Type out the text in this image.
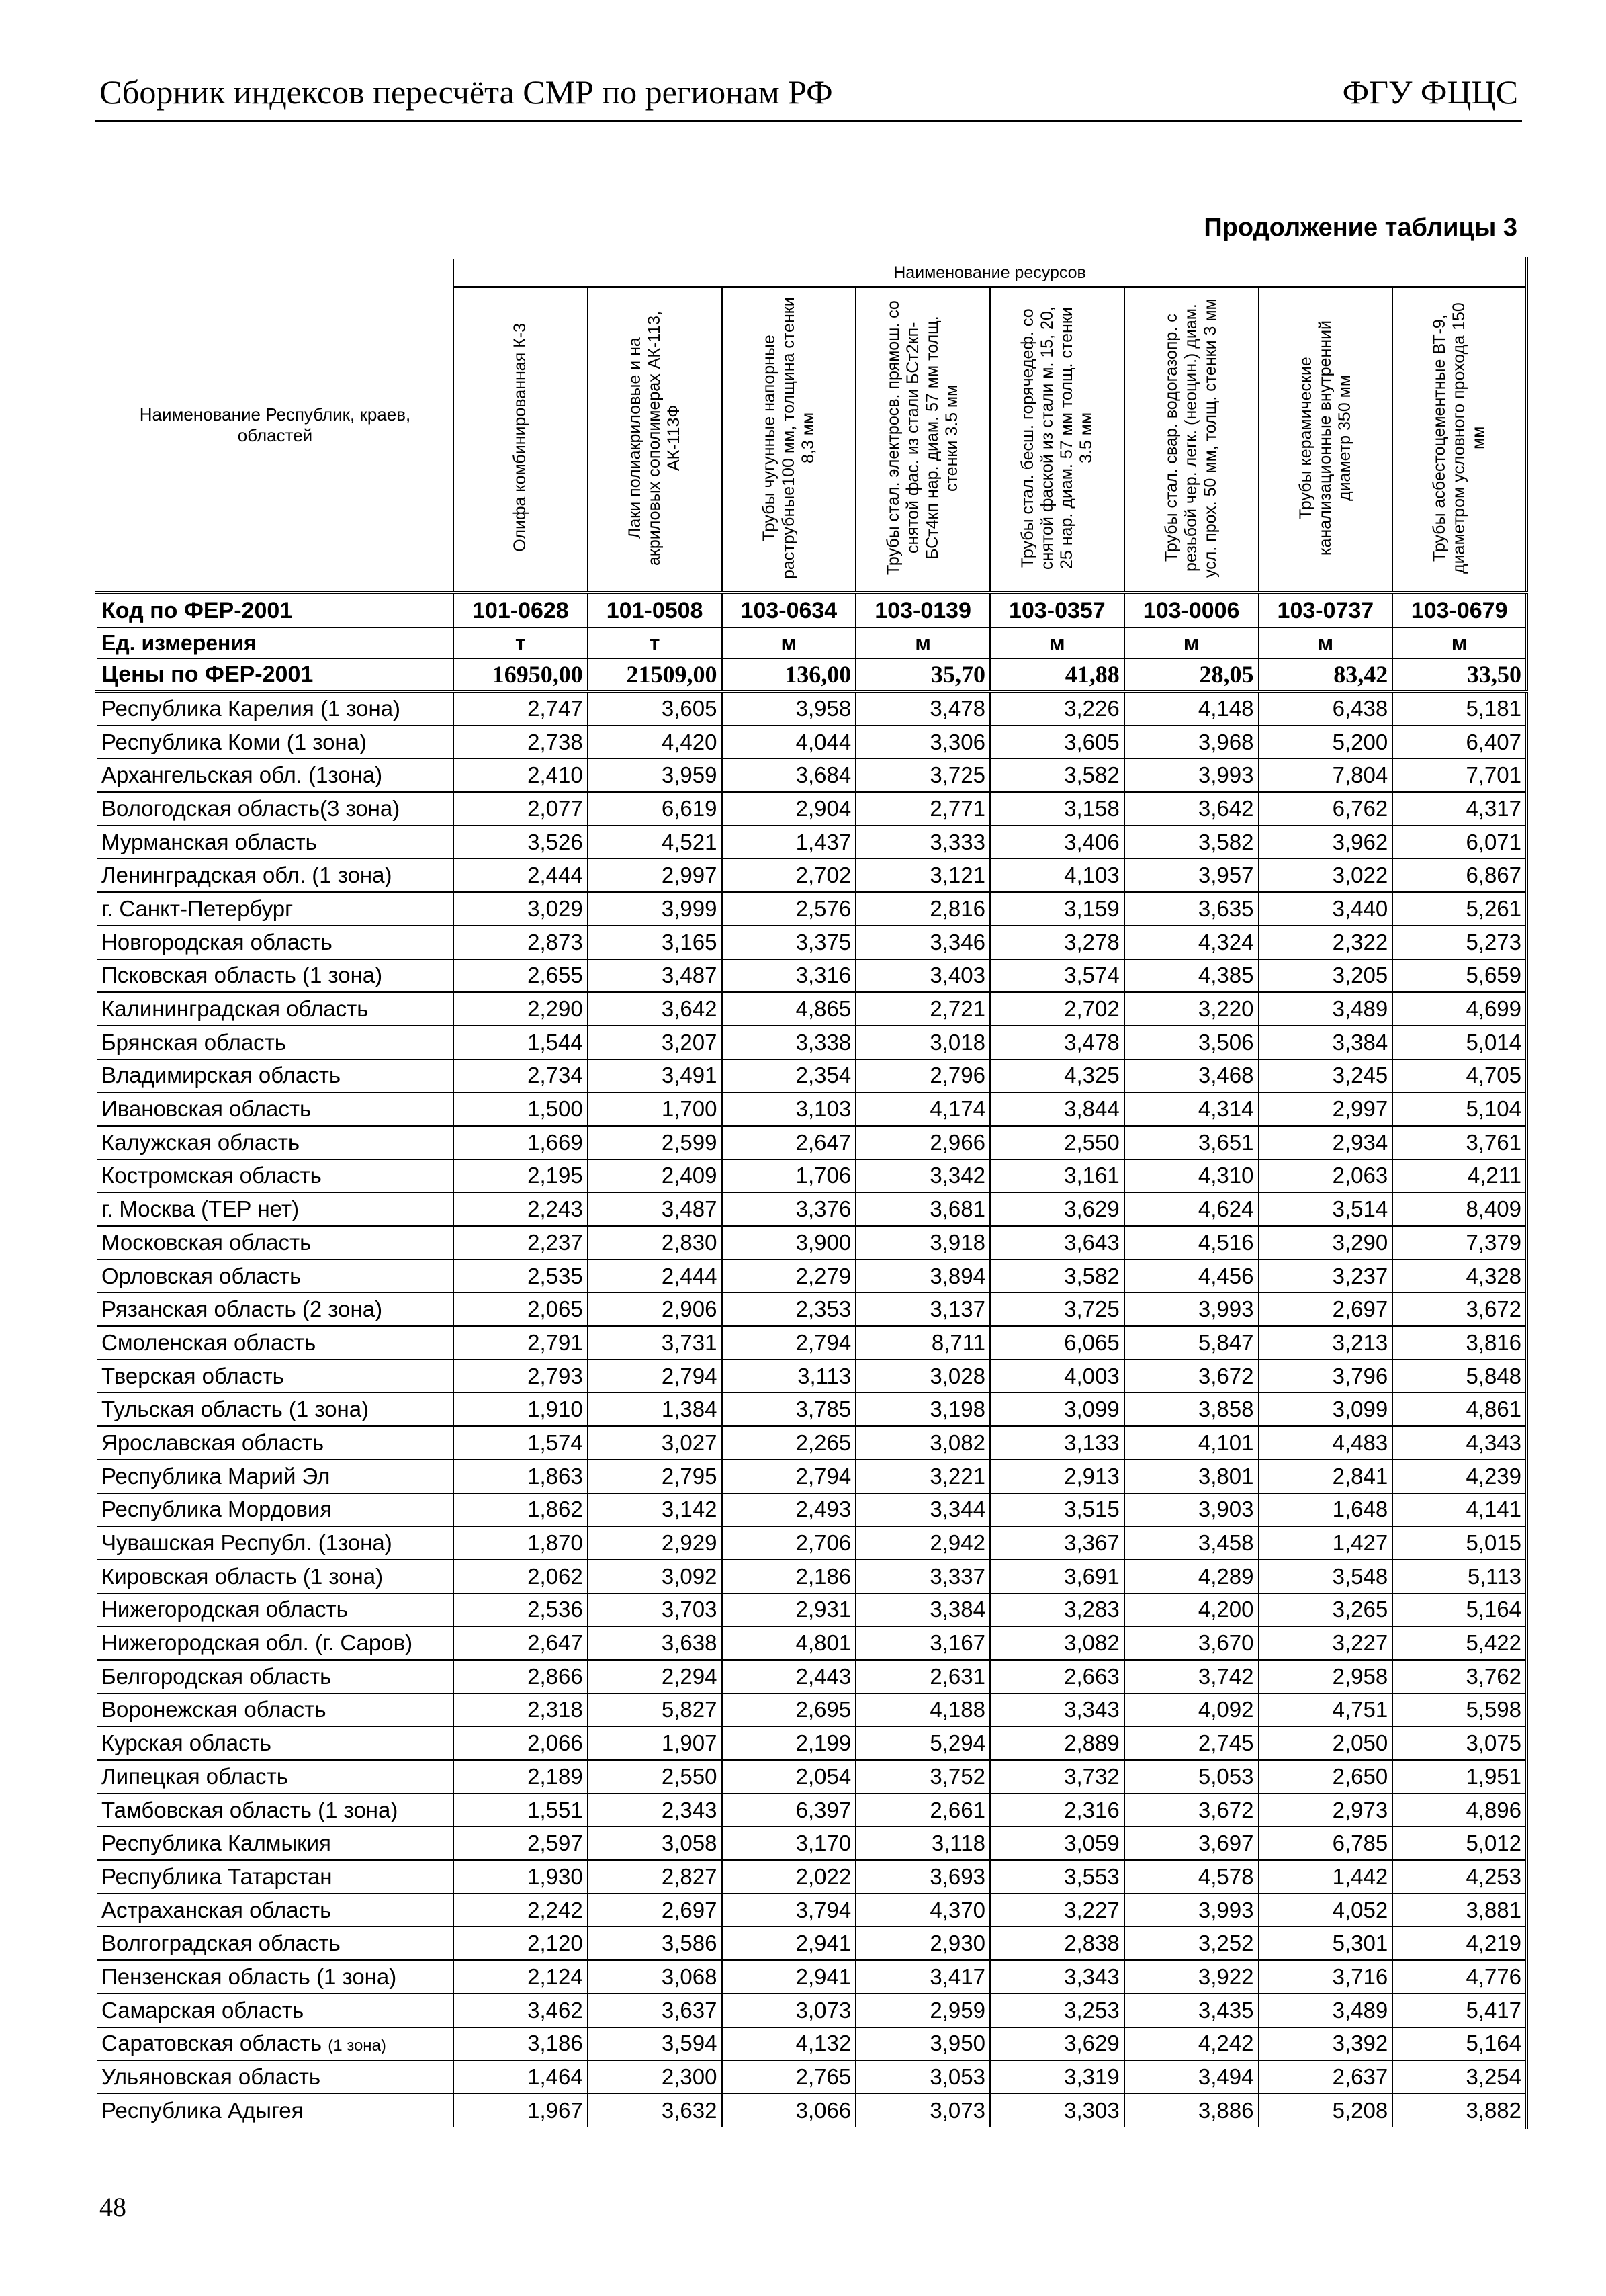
Сборник индексов пересчёта СМР по регионам РФ	ФГУ ФЦЦС
Продолжение таблицы 3
Наименование Республик, краев, областей	Наименование ресурсов							
	Олифа комбинированная К-3	Лаки полиакриловые и на акриловых сополимерах АК-113, АК-113Ф	Трубы чугунные напорные раструбные100 мм, толщина стенки 8,3 мм	Трубы стал. электросв. прямош. со снятой фас. из стали БСт2кп-БСт4кп нар. диам. 57 мм толщ. стенки 3.5 мм	Трубы стал. бесш. горячедеф. со снятой фаской из стали м. 15, 20, 25 нар. диам. 57 мм толщ. стенки 3.5 мм	Трубы стал. свар. водогазопр. с резьбой чер. легк. (неоцин.) диам. усл. прох. 50 мм, толщ. стенки 3 мм	Трубы керамические канализационные внутренний диаметр 350 мм	Трубы асбестоцементные ВТ-9, диаметром условного прохода 150 мм
Код по ФЕР-2001	101-0628	101-0508	103-0634	103-0139	103-0357	103-0006	103-0737	103-0679
Ед. измерения	т	т	м	м	м	м	м	м
Цены по ФЕР-2001	16950,00	21509,00	136,00	35,70	41,88	28,05	83,42	33,50
Республика Карелия (1 зона)	2,747	3,605	3,958	3,478	3,226	4,148	6,438	5,181
Республика Коми (1 зона)	2,738	4,420	4,044	3,306	3,605	3,968	5,200	6,407
Архангельская обл. (1зона)	2,410	3,959	3,684	3,725	3,582	3,993	7,804	7,701
Вологодская область(3 зона)	2,077	6,619	2,904	2,771	3,158	3,642	6,762	4,317
Мурманская область	3,526	4,521	1,437	3,333	3,406	3,582	3,962	6,071
Ленинградская обл. (1 зона)	2,444	2,997	2,702	3,121	4,103	3,957	3,022	6,867
г. Санкт-Петербург	3,029	3,999	2,576	2,816	3,159	3,635	3,440	5,261
Новгородская область	2,873	3,165	3,375	3,346	3,278	4,324	2,322	5,273
Псковская область (1 зона)	2,655	3,487	3,316	3,403	3,574	4,385	3,205	5,659
Калининградская область	2,290	3,642	4,865	2,721	2,702	3,220	3,489	4,699
Брянская область	1,544	3,207	3,338	3,018	3,478	3,506	3,384	5,014
Владимирская область	2,734	3,491	2,354	2,796	4,325	3,468	3,245	4,705
Ивановская область	1,500	1,700	3,103	4,174	3,844	4,314	2,997	5,104
Калужская область	1,669	2,599	2,647	2,966	2,550	3,651	2,934	3,761
Костромская область	2,195	2,409	1,706	3,342	3,161	4,310	2,063	4,211
г. Москва (ТЕР нет)	2,243	3,487	3,376	3,681	3,629	4,624	3,514	8,409
Московская область	2,237	2,830	3,900	3,918	3,643	4,516	3,290	7,379
Орловская область	2,535	2,444	2,279	3,894	3,582	4,456	3,237	4,328
Рязанская область (2 зона)	2,065	2,906	2,353	3,137	3,725	3,993	2,697	3,672
Смоленская область	2,791	3,731	2,794	8,711	6,065	5,847	3,213	3,816
Тверская область	2,793	2,794	3,113	3,028	4,003	3,672	3,796	5,848
Тульская область (1 зона)	1,910	1,384	3,785	3,198	3,099	3,858	3,099	4,861
Ярославская область	1,574	3,027	2,265	3,082	3,133	4,101	4,483	4,343
Республика Марий Эл	1,863	2,795	2,794	3,221	2,913	3,801	2,841	4,239
Республика Мордовия	1,862	3,142	2,493	3,344	3,515	3,903	1,648	4,141
Чувашская Республ. (1зона)	1,870	2,929	2,706	2,942	3,367	3,458	1,427	5,015
Кировская область (1 зона)	2,062	3,092	2,186	3,337	3,691	4,289	3,548	5,113
Нижегородская область	2,536	3,703	2,931	3,384	3,283	4,200	3,265	5,164
Нижегородская обл. (г. Саров)	2,647	3,638	4,801	3,167	3,082	3,670	3,227	5,422
Белгородская область	2,866	2,294	2,443	2,631	2,663	3,742	2,958	3,762
Воронежская область	2,318	5,827	2,695	4,188	3,343	4,092	4,751	5,598
Курская область	2,066	1,907	2,199	5,294	2,889	2,745	2,050	3,075
Липецкая область	2,189	2,550	2,054	3,752	3,732	5,053	2,650	1,951
Тамбовская область (1 зона)	1,551	2,343	6,397	2,661	2,316	3,672	2,973	4,896
Республика Калмыкия	2,597	3,058	3,170	3,118	3,059	3,697	6,785	5,012
Республика Татарстан	1,930	2,827	2,022	3,693	3,553	4,578	1,442	4,253
Астраханская область	2,242	2,697	3,794	4,370	3,227	3,993	4,052	3,881
Волгоградская область	2,120	3,586	2,941	2,930	2,838	3,252	5,301	4,219
Пензенская область (1 зона)	2,124	3,068	2,941	3,417	3,343	3,922	3,716	4,776
Самарская область	3,462	3,637	3,073	2,959	3,253	3,435	3,489	5,417
Саратовская область (1 зона)	3,186	3,594	4,132	3,950	3,629	4,242	3,392	5,164
Ульяновская область	1,464	2,300	2,765	3,053	3,319	3,494	2,637	3,254
Республика Адыгея	1,967	3,632	3,066	3,073	3,303	3,886	5,208	3,882
48
